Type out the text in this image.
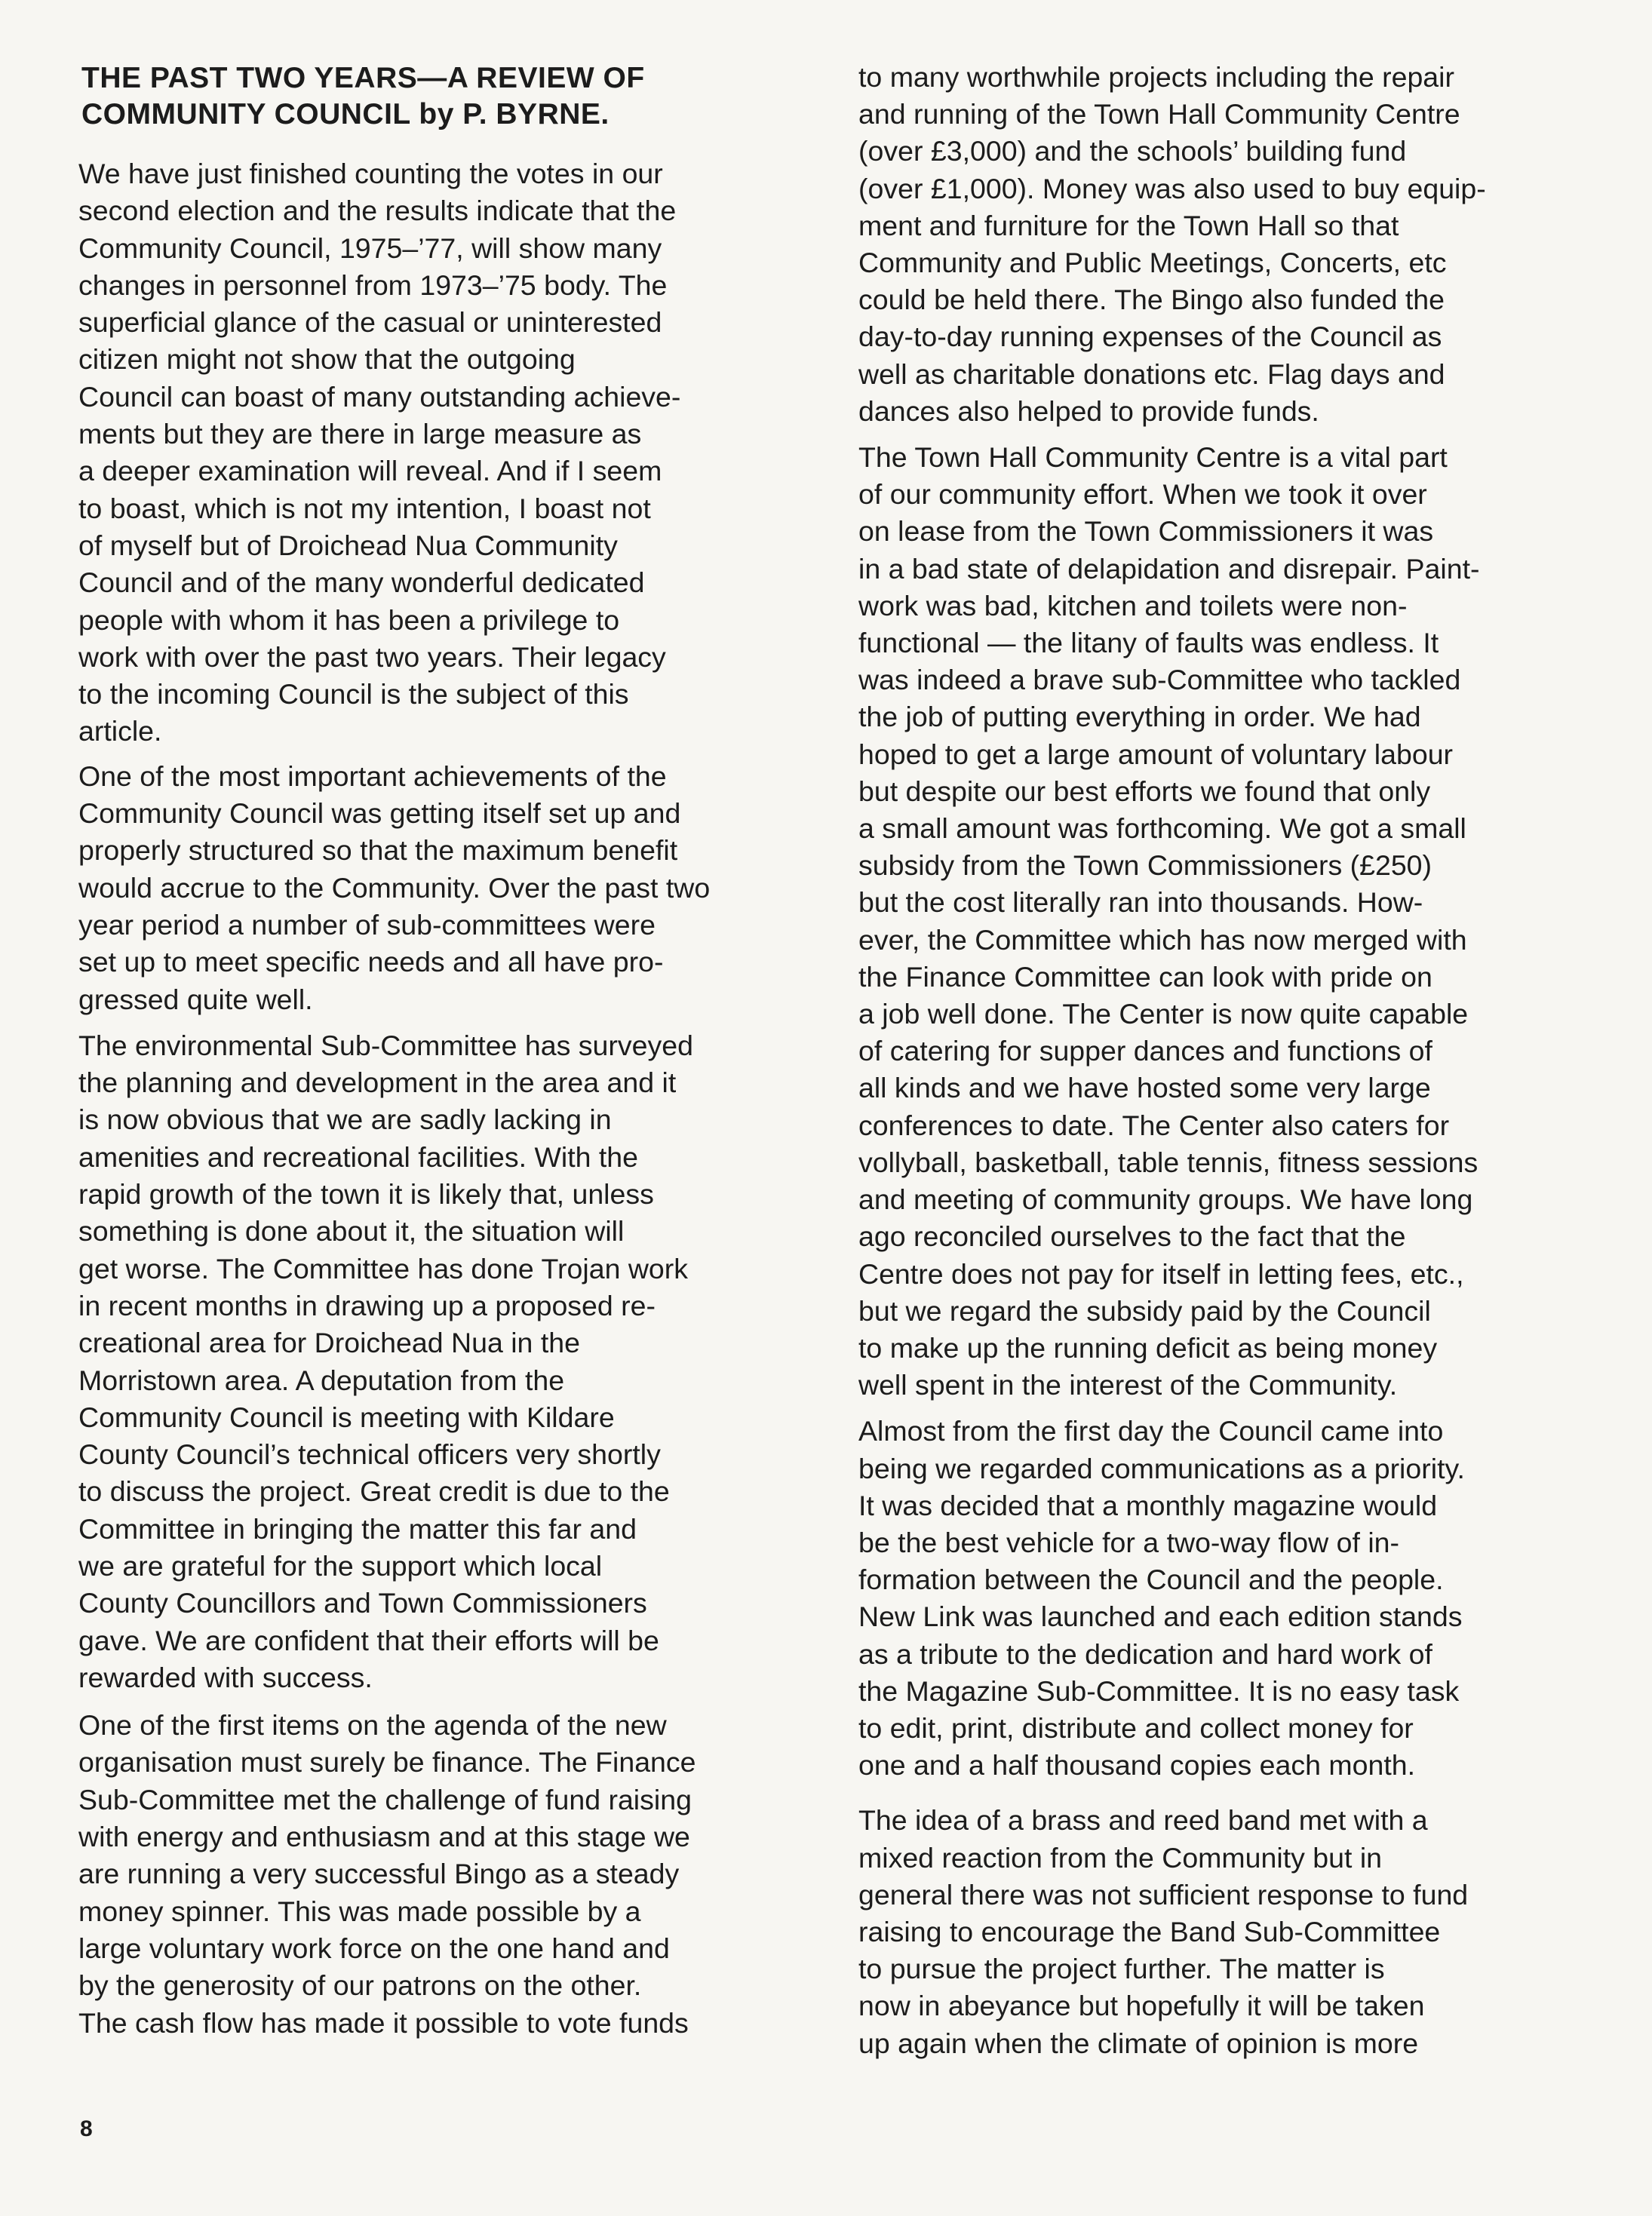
THE PAST TWO YEARS—A REVIEW OF
COMMUNITY COUNCIL by P. BYRNE.
We have just finished counting the votes in our
second election and the results indicate that the
Community Council, 1975–’77, will show many
changes in personnel from 1973–’75 body. The
superficial glance of the casual or uninterested
citizen might not show that the outgoing
Council can boast of many outstanding achieve-
ments but they are there in large measure as
a deeper examination will reveal. And if I seem
to boast, which is not my intention, I boast not
of myself but of Droichead Nua Community
Council and of the many wonderful dedicated
people with whom it has been a privilege to
work with over the past two years. Their legacy
to the incoming Council is the subject of this
article.
One of the most important achievements of the
Community Council was getting itself set up and
properly structured so that the maximum benefit
would accrue to the Community. Over the past two
year period a number of sub-committees were
set up to meet specific needs and all have pro-
gressed quite well.
The environmental Sub-Committee has surveyed
the planning and development in the area and it
is now obvious that we are sadly lacking in
amenities and recreational facilities. With the
rapid growth of the town it is likely that, unless
something is done about it, the situation will
get worse. The Committee has done Trojan work
in recent months in drawing up a proposed re-
creational area for Droichead Nua in the
Morristown area. A deputation from the
Community Council is meeting with Kildare
County Council’s technical officers very shortly
to discuss the project. Great credit is due to the
Committee in bringing the matter this far and
we are grateful for the support which local
County Councillors and Town Commissioners
gave. We are confident that their efforts will be
rewarded with success.
One of the first items on the agenda of the new
organisation must surely be finance. The Finance
Sub-Committee met the challenge of fund raising
with energy and enthusiasm and at this stage we
are running a very successful Bingo as a steady
money spinner. This was made possible by a
large voluntary work force on the one hand and
by the generosity of our patrons on the other.
The cash flow has made it possible to vote funds
to many worthwhile projects including the repair
and running of the Town Hall Community Centre
(over £3,000) and the schools’ building fund
(over £1,000). Money was also used to buy equip-
ment and furniture for the Town Hall so that
Community and Public Meetings, Concerts, etc
could be held there. The Bingo also funded the
day-to-day running expenses of the Council as
well as charitable donations etc. Flag days and
dances also helped to provide funds.
The Town Hall Community Centre is a vital part
of our community effort. When we took it over
on lease from the Town Commissioners it was
in a bad state of delapidation and disrepair. Paint-
work was bad, kitchen and toilets were non-
functional — the litany of faults was endless. It
was indeed a brave sub-Committee who tackled
the job of putting everything in order. We had
hoped to get a large amount of voluntary labour
but despite our best efforts we found that only
a small amount was forthcoming. We got a small
subsidy from the Town Commissioners (£250)
but the cost literally ran into thousands. How-
ever, the Committee which has now merged with
the Finance Committee can look with pride on
a job well done. The Center is now quite capable
of catering for supper dances and functions of
all kinds and we have hosted some very large
conferences to date. The Center also caters for
vollyball, basketball, table tennis, fitness sessions
and meeting of community groups. We have long
ago reconciled ourselves to the fact that the
Centre does not pay for itself in letting fees, etc.,
but we regard the subsidy paid by the Council
to make up the running deficit as being money
well spent in the interest of the Community.
Almost from the first day the Council came into
being we regarded communications as a priority.
It was decided that a monthly magazine would
be the best vehicle for a two-way flow of in-
formation between the Council and the people.
New Link was launched and each edition stands
as a tribute to the dedication and hard work of
the Magazine Sub-Committee. It is no easy task
to edit, print, distribute and collect money for
one and a half thousand copies each month.
The idea of a brass and reed band met with a
mixed reaction from the Community but in
general there was not sufficient response to fund
raising to encourage the Band Sub-Committee
to pursue the project further. The matter is
now in abeyance but hopefully it will be taken
up again when the climate of opinion is more
8
